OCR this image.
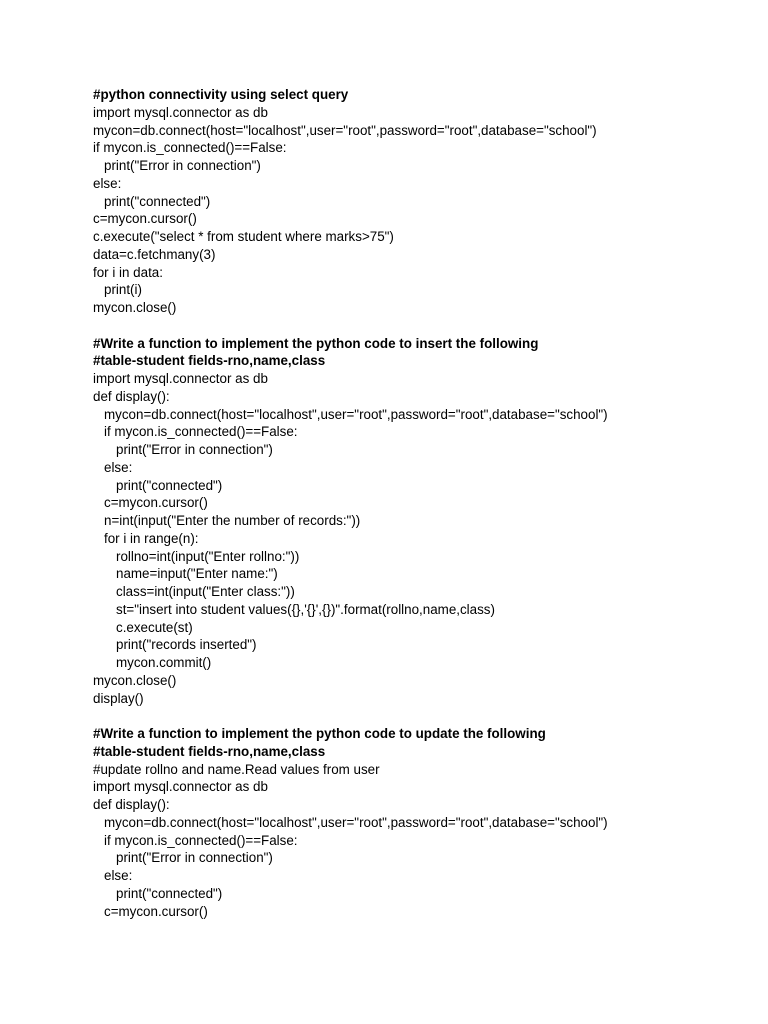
#python connectivity using select query
import mysql.connector as db
mycon=db.connect(host="localhost",user="root",password="root",database="school")
if mycon.is_connected()==False:
print("Error in connection")
else:
print("connected")
c=mycon.cursor()
c.execute("select * from student where marks>75")
data=c.fetchmany(3)
for i in data:
print(i)
mycon.close()
#Write a function to implement the python code to insert the following
#table-student fields-rno,name,class
import mysql.connector as db
def display():
mycon=db.connect(host="localhost",user="root",password="root",database="school")
if mycon.is_connected()==False:
print("Error in connection")
else:
print("connected")
c=mycon.cursor()
n=int(input("Enter the number of records:"))
for i in range(n):
rollno=int(input("Enter rollno:"))
name=input("Enter name:")
class=int(input("Enter class:"))
st="insert into student values({},'{}',{})".format(rollno,name,class)
c.execute(st)
print("records inserted")
mycon.commit()
mycon.close()
display()
#Write a function to implement the python code to update the following
#table-student fields-rno,name,class
#update rollno and name.Read values from user
import mysql.connector as db
def display():
mycon=db.connect(host="localhost",user="root",password="root",database="school")
if mycon.is_connected()==False:
print("Error in connection")
else:
print("connected")
c=mycon.cursor()
